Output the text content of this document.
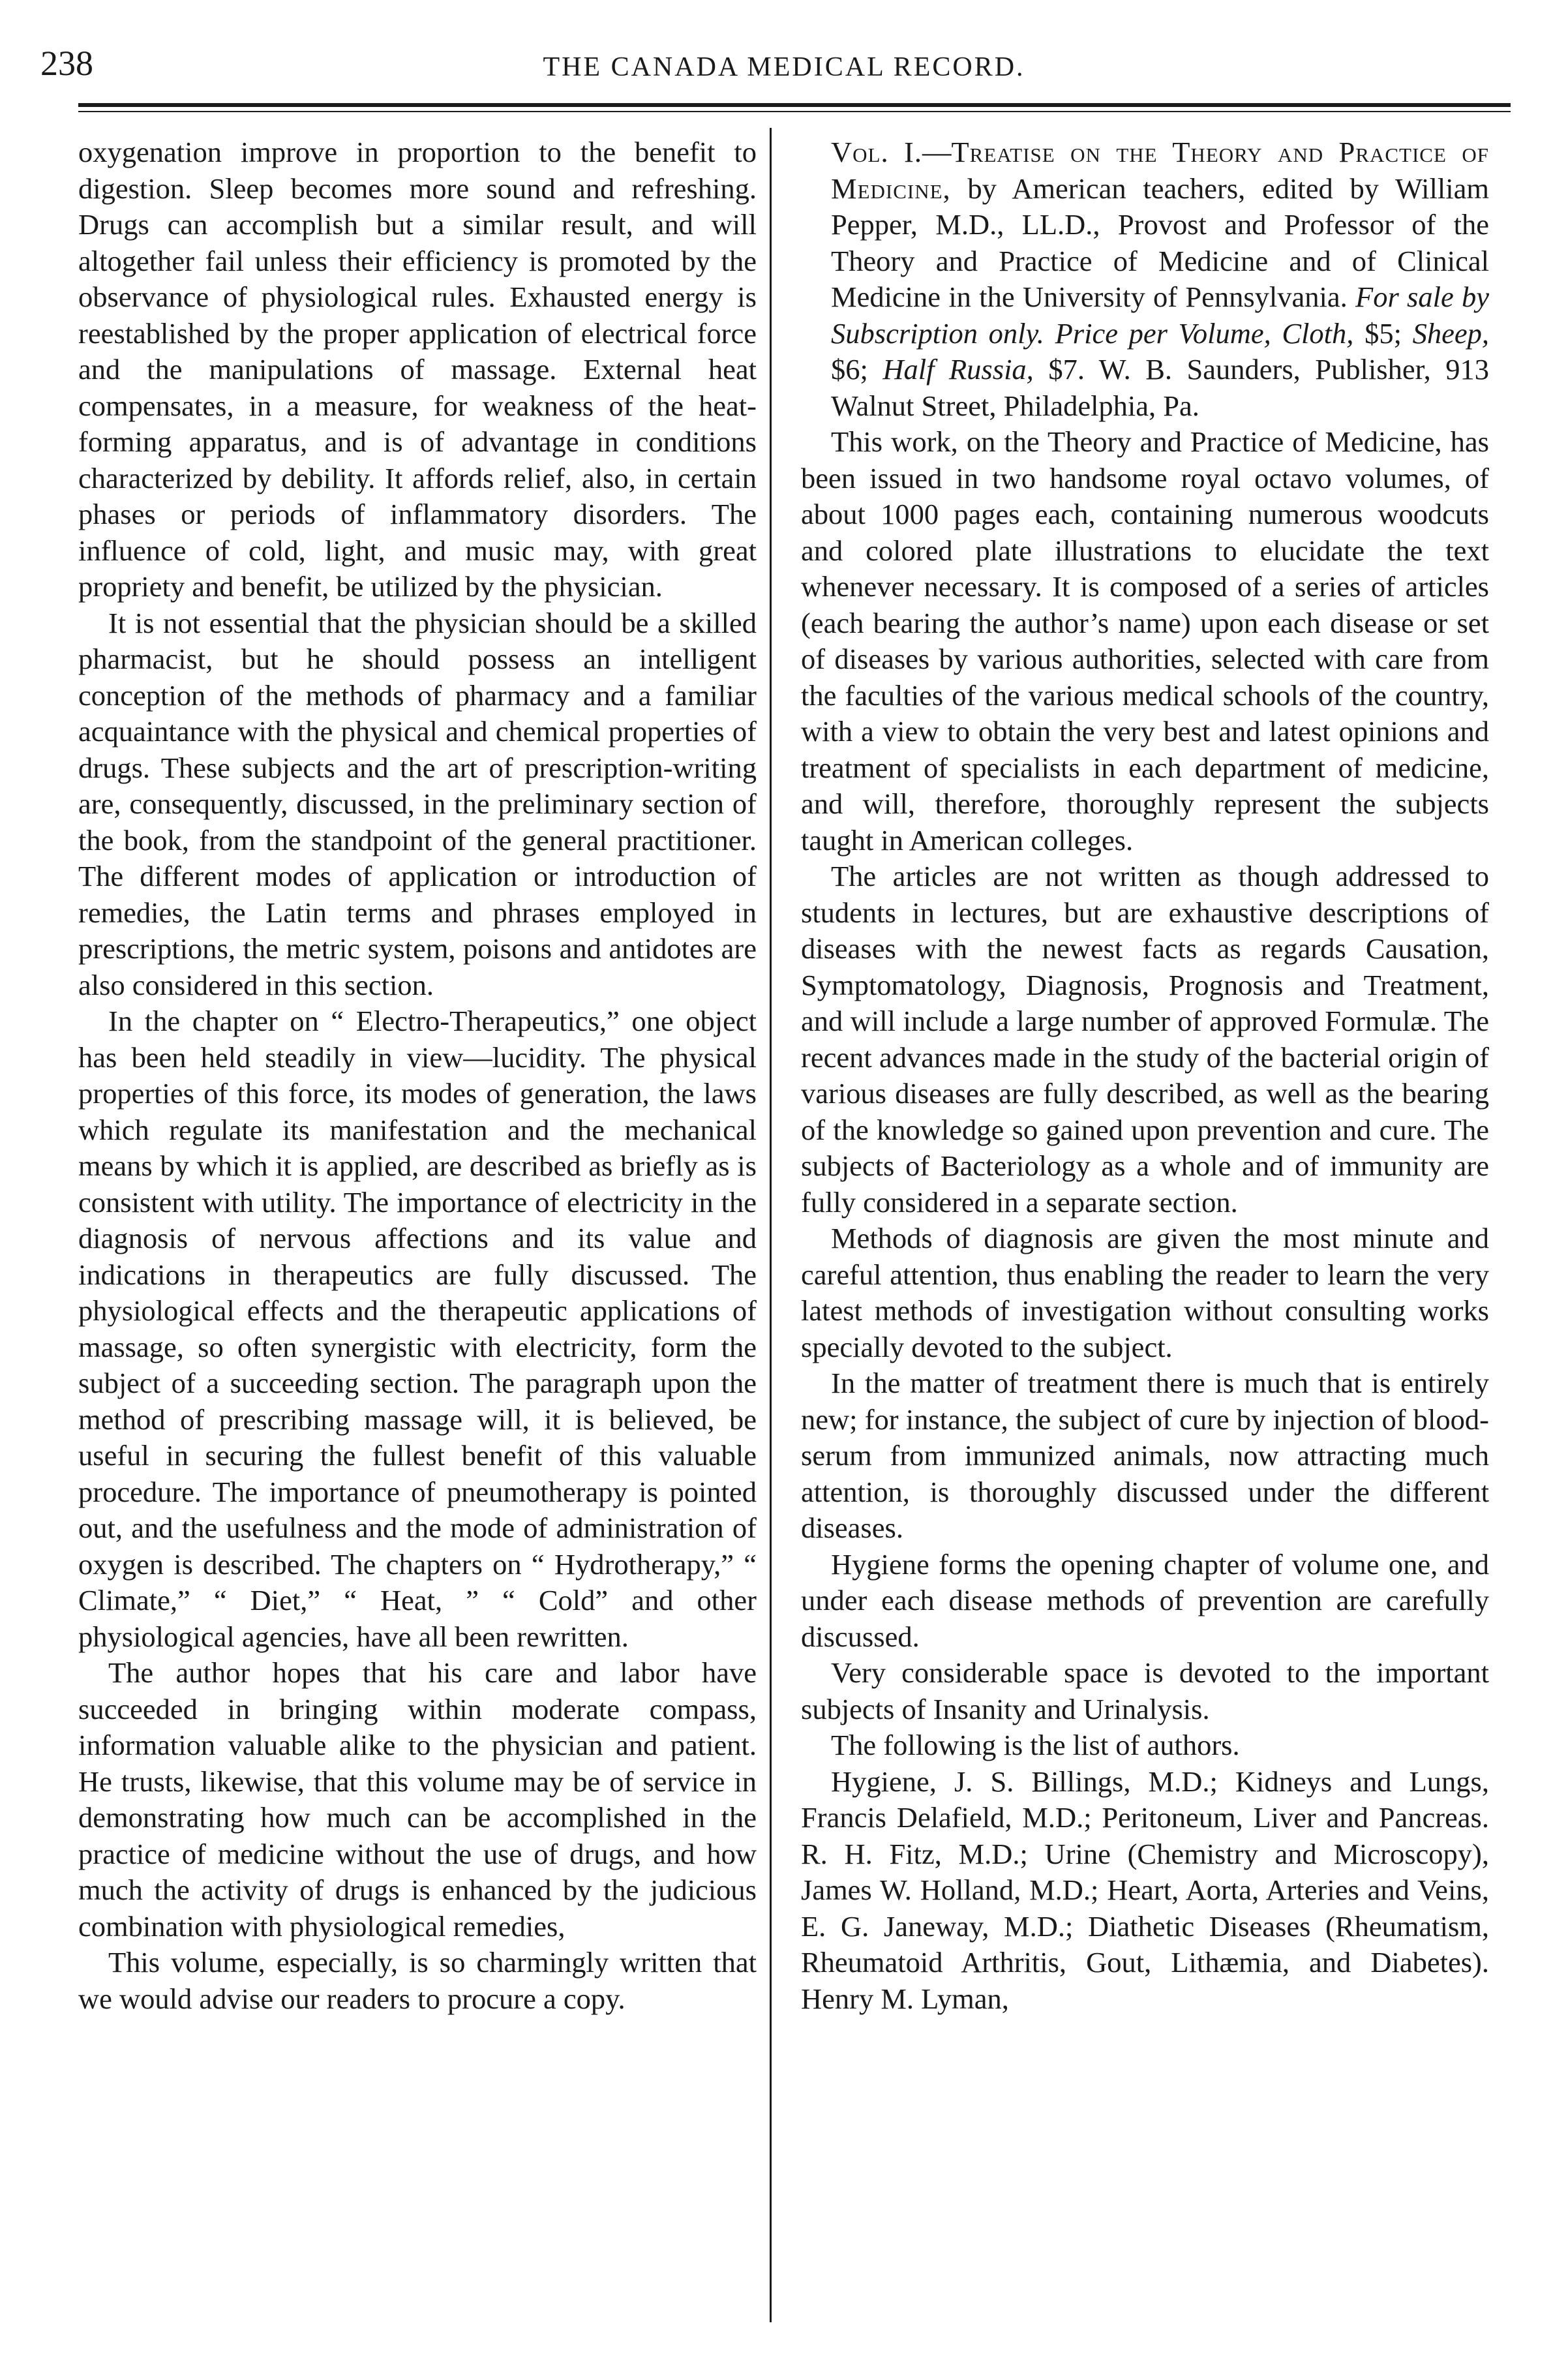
238	THE CANADA MEDICAL RECORD.

oxygenation improve in proportion to the benefit to digestion. Sleep becomes more sound and refreshing. Drugs can accomplish but a similar result, and will altogether fail unless their efficiency is promoted by the observance of physiological rules. Exhausted energy is reestablished by the proper application of electrical force and the manipulations of massage. External heat compensates, in a measure, for weakness of the heat-forming apparatus, and is of advantage in conditions characterized by debility. It affords relief, also, in certain phases or periods of inflammatory disorders. The influence of cold, light, and music may, with great propriety and benefit, be utilized by the physician.

It is not essential that the physician should be a skilled pharmacist, but he should possess an intelligent conception of the methods of pharmacy and a familiar acquaintance with the physical and chemical properties of drugs. These subjects and the art of prescription-writing are, consequently, discussed, in the preliminary section of the book, from the standpoint of the general practitioner. The different modes of application or introduction of remedies, the Latin terms and phrases employed in prescriptions, the metric system, poisons and antidotes are also considered in this section.

In the chapter on “ Electro-Therapeutics,” one object has been held steadily in view—lucidity. The physical properties of this force, its modes of generation, the laws which regulate its manifestation and the mechanical means by which it is applied, are described as briefly as is consistent with utility. The importance of electricity in the diagnosis of nervous affections and its value and indications in therapeutics are fully discussed. The physiological effects and the therapeutic applications of massage, so often synergistic with electricity, form the subject of a succeeding section. The paragraph upon the method of prescribing massage will, it is believed, be useful in securing the fullest benefit of this valuable procedure. The importance of pneumotherapy is pointed out, and the usefulness and the mode of administration of oxygen is described. The chapters on “ Hydrotherapy,” “ Climate,” “ Diet,” “ Heat, ” “ Cold” and other physiological agencies, have all been rewritten.

The author hopes that his care and labor have succeeded in bringing within moderate compass, information valuable alike to the physician and patient. He trusts, likewise, that this volume may be of service in demonstrating how much can be accomplished in the practice of medicine without the use of drugs, and how much the activity of drugs is enhanced by the judicious combination with physiological remedies,

This volume, especially, is so charmingly written that we would advise our readers to procure a copy.

Vol. I.—Treatise on the Theory and Practice of Medicine, by American teachers, edited by William Pepper, M.D., LL.D., Provost and Professor of the Theory and Practice of Medicine and of Clinical Medicine in the University of Pennsylvania. For sale by Subscription only. Price per Volume, Cloth, $5; Sheep, $6; Half Russia, $7. W. B. Saunders, Publisher, 913 Walnut Street, Philadelphia, Pa.

This work, on the Theory and Practice of Medicine, has been issued in two handsome royal octavo volumes, of about 1000 pages each, containing numerous woodcuts and colored plate illustrations to elucidate the text whenever necessary. It is composed of a series of articles (each bearing the author’s name) upon each disease or set of diseases by various authorities, selected with care from the faculties of the various medical schools of the country, with a view to obtain the very best and latest opinions and treatment of specialists in each department of medicine, and will, therefore, thoroughly represent the subjects taught in American colleges.

The articles are not written as though addressed to students in lectures, but are exhaustive descriptions of diseases with the newest facts as regards Causation, Symptomatology, Diagnosis, Prognosis and Treatment, and will include a large number of approved Formulæ. The recent advances made in the study of the bacterial origin of various diseases are fully described, as well as the bearing of the knowledge so gained upon prevention and cure. The subjects of Bacteriology as a whole and of immunity are fully considered in a separate section.

Methods of diagnosis are given the most minute and careful attention, thus enabling the reader to learn the very latest methods of investigation without consulting works specially devoted to the subject.

In the matter of treatment there is much that is entirely new; for instance, the subject of cure by injection of blood-serum from immunized animals, now attracting much attention, is thoroughly discussed under the different diseases.

Hygiene forms the opening chapter of volume one, and under each disease methods of prevention are carefully discussed.

Very considerable space is devoted to the important subjects of Insanity and Urinalysis.

The following is the list of authors.

Hygiene, J. S. Billings, M.D.; Kidneys and Lungs, Francis Delafield, M.D.; Peritoneum, Liver and Pancreas. R. H. Fitz, M.D.; Urine (Chemistry and Microscopy), James W. Holland, M.D.; Heart, Aorta, Arteries and Veins, E. G. Janeway, M.D.; Diathetic Diseases (Rheumatism, Rheumatoid Arthritis, Gout, Lithæmia, and Diabetes). Henry M. Lyman,
